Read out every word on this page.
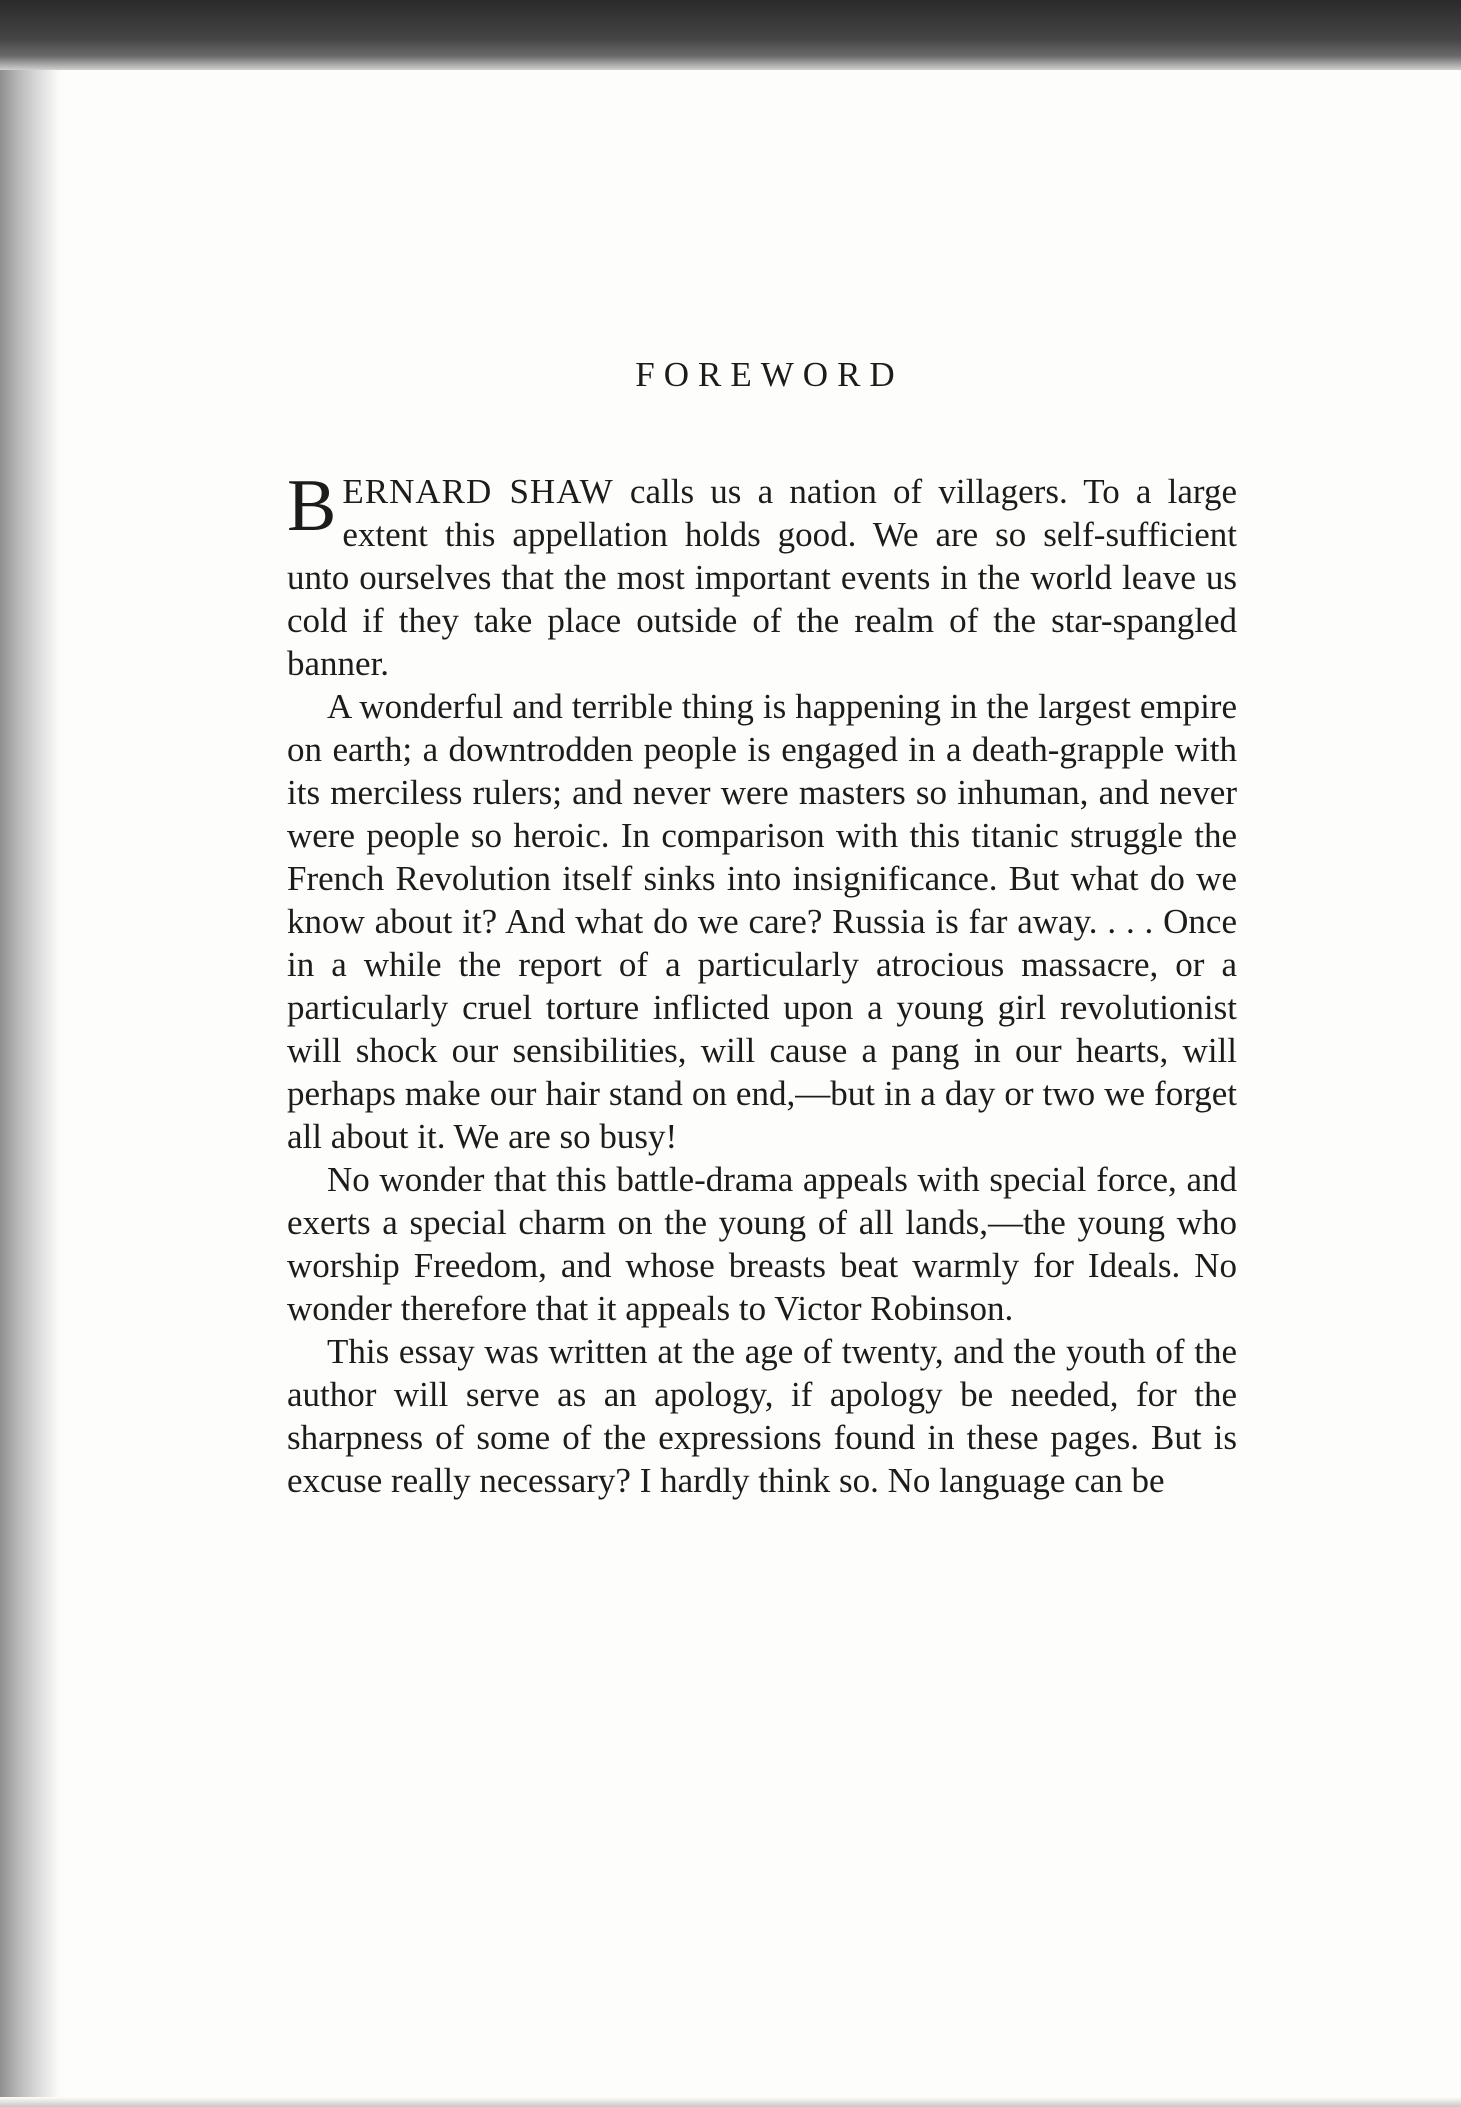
FOREWORD

BERNARD SHAW calls us a nation of villagers. To a large extent this appellation holds good. We are so self-sufficient unto ourselves that the most important events in the world leave us cold if they take place outside of the realm of the star-spangled banner.

A wonderful and terrible thing is happening in the largest empire on earth; a downtrodden people is engaged in a death-grapple with its merciless rulers; and never were masters so inhuman, and never were people so heroic. In comparison with this titanic struggle the French Revolution itself sinks into insignificance. But what do we know about it? And what do we care? Russia is far away. . . . Once in a while the report of a particularly atrocious massacre, or a particularly cruel torture inflicted upon a young girl revolutionist will shock our sensibilities, will cause a pang in our hearts, will perhaps make our hair stand on end,—but in a day or two we forget all about it. We are so busy!

No wonder that this battle-drama appeals with special force, and exerts a special charm on the young of all lands,—the young who worship Freedom, and whose breasts beat warmly for Ideals. No wonder therefore that it appeals to Victor Robinson.

This essay was written at the age of twenty, and the youth of the author will serve as an apology, if apology be needed, for the sharpness of some of the expressions found in these pages. But is excuse really necessary? I hardly think so. No language can be
